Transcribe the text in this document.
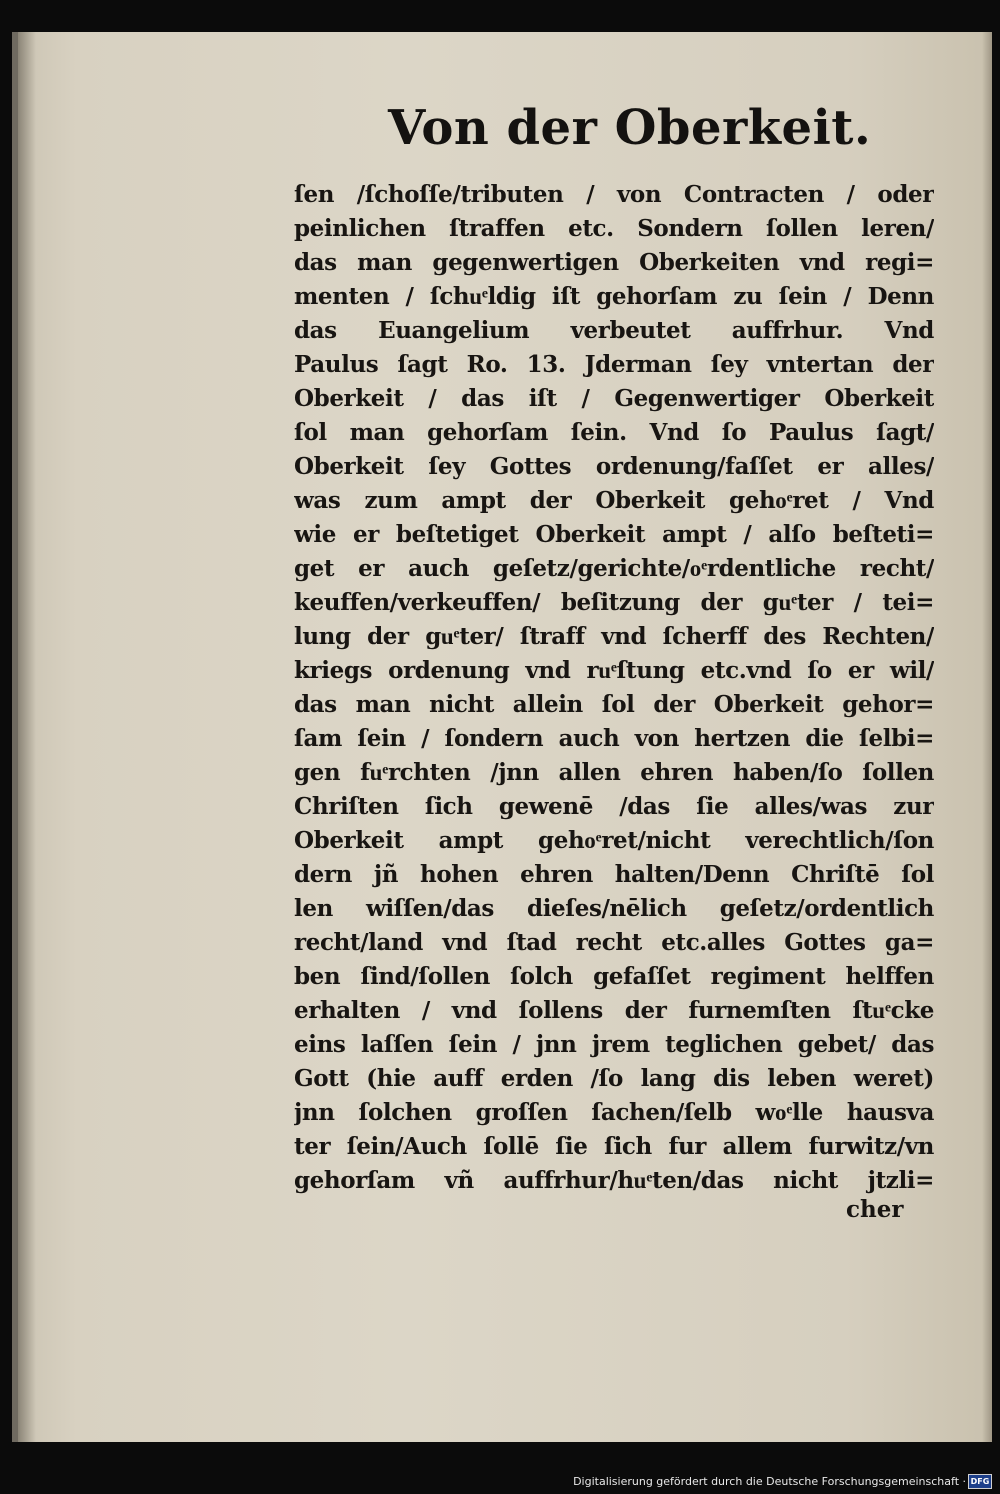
Von der Oberkeit.
ſen /ſchoſſe/tributen / von Contracten / oder
peinlichen ſtraffen etc. Sondern ſollen leren/
das man gegenwertigen Oberkeiten vnd regi=
menten / ſchuͤldig iſt gehorſam zu ſein / Denn
das Euangelium verbeutet auffrhur. Vnd
Paulus ſagt Ro. 13. Jderman ſey vntertan der
Oberkeit / das iſt / Gegenwertiger Oberkeit
ſol man gehorſam ſein. Vnd ſo Paulus ſagt/
Oberkeit ſey Gottes ordenung/faſſet er alles/
was zum ampt der Oberkeit gehoͤret / Vnd
wie er beſtetiget Oberkeit ampt / alſo beſteti=
get er auch geſetz/gerichte/oͤrdentliche recht/
keuffen/verkeuffen/ beſitzung der guͤter / tei=
lung der guͤter/ ſtraff vnd ſcherff des Rechten/
kriegs ordenung vnd ruͤſtung etc.vnd ſo er wil/
das man nicht allein ſol der Oberkeit gehor=
ſam ſein / ſondern auch von hertzen die ſelbi=
gen fuͤrchten /jnn allen ehren haben/ſo ſollen
Chriſten ſich gewenē /das ſie alles/was zur
Oberkeit ampt gehoͤret/nicht verechtlich/ſon
dern jñ hohen ehren halten/Denn Chriſtē ſol
len wiſſen/das dieſes/nēlich geſetz/ordentlich
recht/land vnd ſtad recht etc.alles Gottes ga=
ben ſind/ſollen ſolch gefaſſet regiment helffen
erhalten / vnd ſollens der furnemſten ſtuͤcke
eins laſſen ſein / jnn jrem teglichen gebet/ das
Gott (hie auff erden /ſo lang dis leben weret)
jnn ſolchen groſſen ſachen/ſelb woͤlle hausva
ter ſein/Auch ſollē ſie ſich fur allem furwitz/vn
gehorſam vñ auffrhur/huͤten/das nicht jtzli=
cher
Digitalisierung gefördert durch die Deutsche Forschungsgemeinschaft · DFG
